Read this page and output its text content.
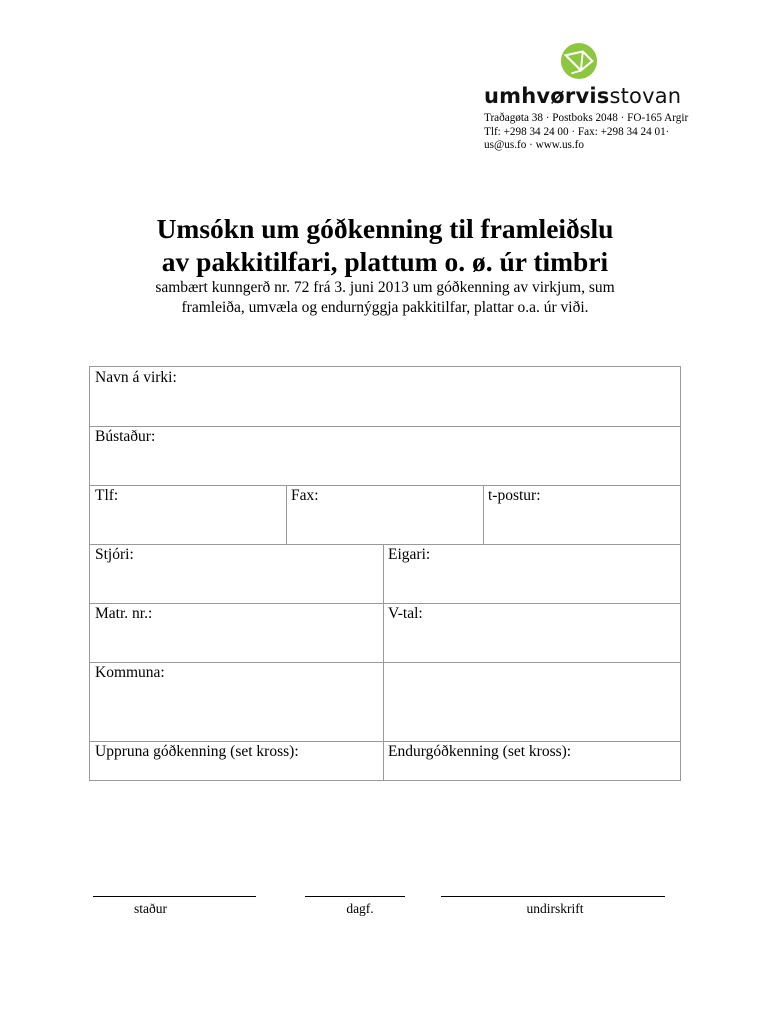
umhvørvisstovan
Traðagøta 38 · Postboks 2048 · FO-165 Argir
Tlf: +298 34 24 00 · Fax: +298 34 24 01·
us@us.fo · www.us.fo
Umsókn um góðkenning til framleiðslu
av pakkitilfari, plattum o. ø. úr timbri
sambært kunngerð nr. 72 frá 3. juni 2013 um góðkenning av virkjum, sum
framleiða, umvæla og endurnýggja pakkitilfar, plattar o.a. úr viði.
Navn á virki:
Bústaður:
Tlf:	Fax:	t-postur:
Stjóri:	Eigari:
Matr. nr.:	V-tal:
Kommuna:
Uppruna góðkenning (set kross):	Endurgóðkenning (set kross):
staður	dagf.	undirskrift
